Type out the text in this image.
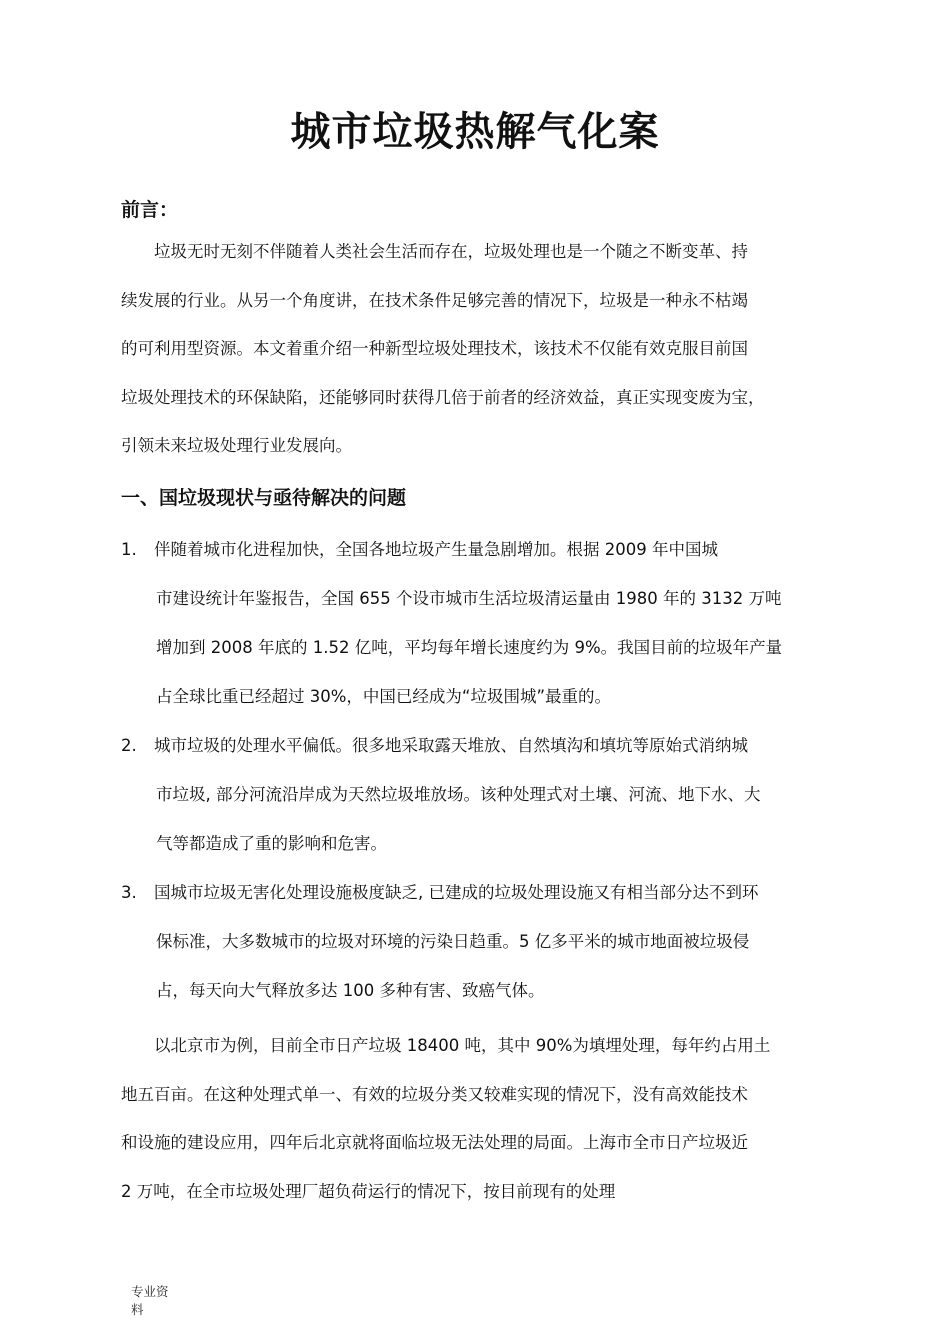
城市垃圾热解气化案
前言：
垃圾无时无刻不伴随着人类社会生活而存在，垃圾处理也是一个随之不断变革、持
续发展的行业。从另一个角度讲，在技术条件足够完善的情况下，垃圾是一种永不枯竭
的可利用型资源。本文着重介绍一种新型垃圾处理技术，该技术不仅能有效克服目前国
垃圾处理技术的环保缺陷，还能够同时获得几倍于前者的经济效益，真正实现变废为宝，
引领未来垃圾处理行业发展向。
一、国垃圾现状与亟待解决的问题
1.	伴随着城市化进程加快，全国各地垃圾产生量急剧增加。根据 2009 年中国城
市建设统计年鉴报告，全国 655 个设市城市生活垃圾清运量由 1980 年的 3132 万吨
增加到 2008 年底的 1.52 亿吨，平均每年增长速度约为 9%。我国目前的垃圾年产量
占全球比重已经超过 30%，中国已经成为“垃圾围城”最重的。
2.	城市垃圾的处理水平偏低。很多地采取露天堆放、自然填沟和填坑等原始式消纳城
市垃圾, 部分河流沿岸成为天然垃圾堆放场。该种处理式对土壤、河流、地下水、大
气等都造成了重的影响和危害。
3.	国城市垃圾无害化处理设施极度缺乏, 已建成的垃圾处理设施又有相当部分达不到环
保标准，大多数城市的垃圾对环境的污染日趋重。5 亿多平米的城市地面被垃圾侵
占，每天向大气释放多达 100 多种有害、致癌气体。
以北京市为例，目前全市日产垃圾 18400 吨，其中 90%为填埋处理，每年约占用土
地五百亩。在这种处理式单一、有效的垃圾分类又较难实现的情况下，没有高效能技术
和设施的建设应用，四年后北京就将面临垃圾无法处理的局面。上海市全市日产垃圾近
2 万吨，在全市垃圾处理厂超负荷运行的情况下，按目前现有的处理
专业资
料
